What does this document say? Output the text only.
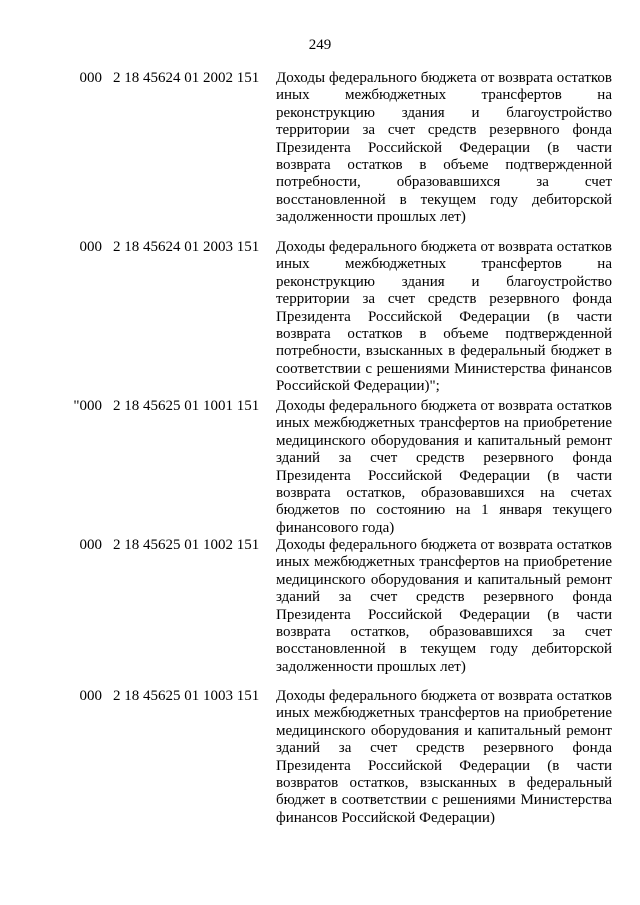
249
000 2 18 45624 01 2002 151 Доходы федерального бюджета от возврата остатков иных межбюджетных трансфертов на реконструкцию здания и благоустройство территории за счет средств резервного фонда Президента Российской Федерации (в части возврата остатков в объеме подтвержденной потребности, образовавшихся за счет восстановленной в текущем году дебиторской задолженности прошлых лет)
000 2 18 45624 01 2003 151 Доходы федерального бюджета от возврата остатков иных межбюджетных трансфертов на реконструкцию здания и благоустройство территории за счет средств резервного фонда Президента Российской Федерации (в части возврата остатков в объеме подтвержденной потребности, взысканных в федеральный бюджет в соответствии с решениями Министерства финансов Российской Федерации)";
"000 2 18 45625 01 1001 151 Доходы федерального бюджета от возврата остатков иных межбюджетных трансфертов на приобретение медицинского оборудования и капитальный ремонт зданий за счет средств резервного фонда Президента Российской Федерации (в части возврата остатков, образовавшихся на счетах бюджетов по состоянию на 1 января текущего финансового года)
000 2 18 45625 01 1002 151 Доходы федерального бюджета от возврата остатков иных межбюджетных трансфертов на приобретение медицинского оборудования и капитальный ремонт зданий за счет средств резервного фонда Президента Российской Федерации (в части возврата остатков, образовавшихся за счет восстановленной в текущем году дебиторской задолженности прошлых лет)
000 2 18 45625 01 1003 151 Доходы федерального бюджета от возврата остатков иных межбюджетных трансфертов на приобретение медицинского оборудования и капитальный ремонт зданий за счет средств резервного фонда Президента Российской Федерации (в части возвратов остатков, взысканных в федеральный бюджет в соответствии с решениями Министерства финансов Российской Федерации)
